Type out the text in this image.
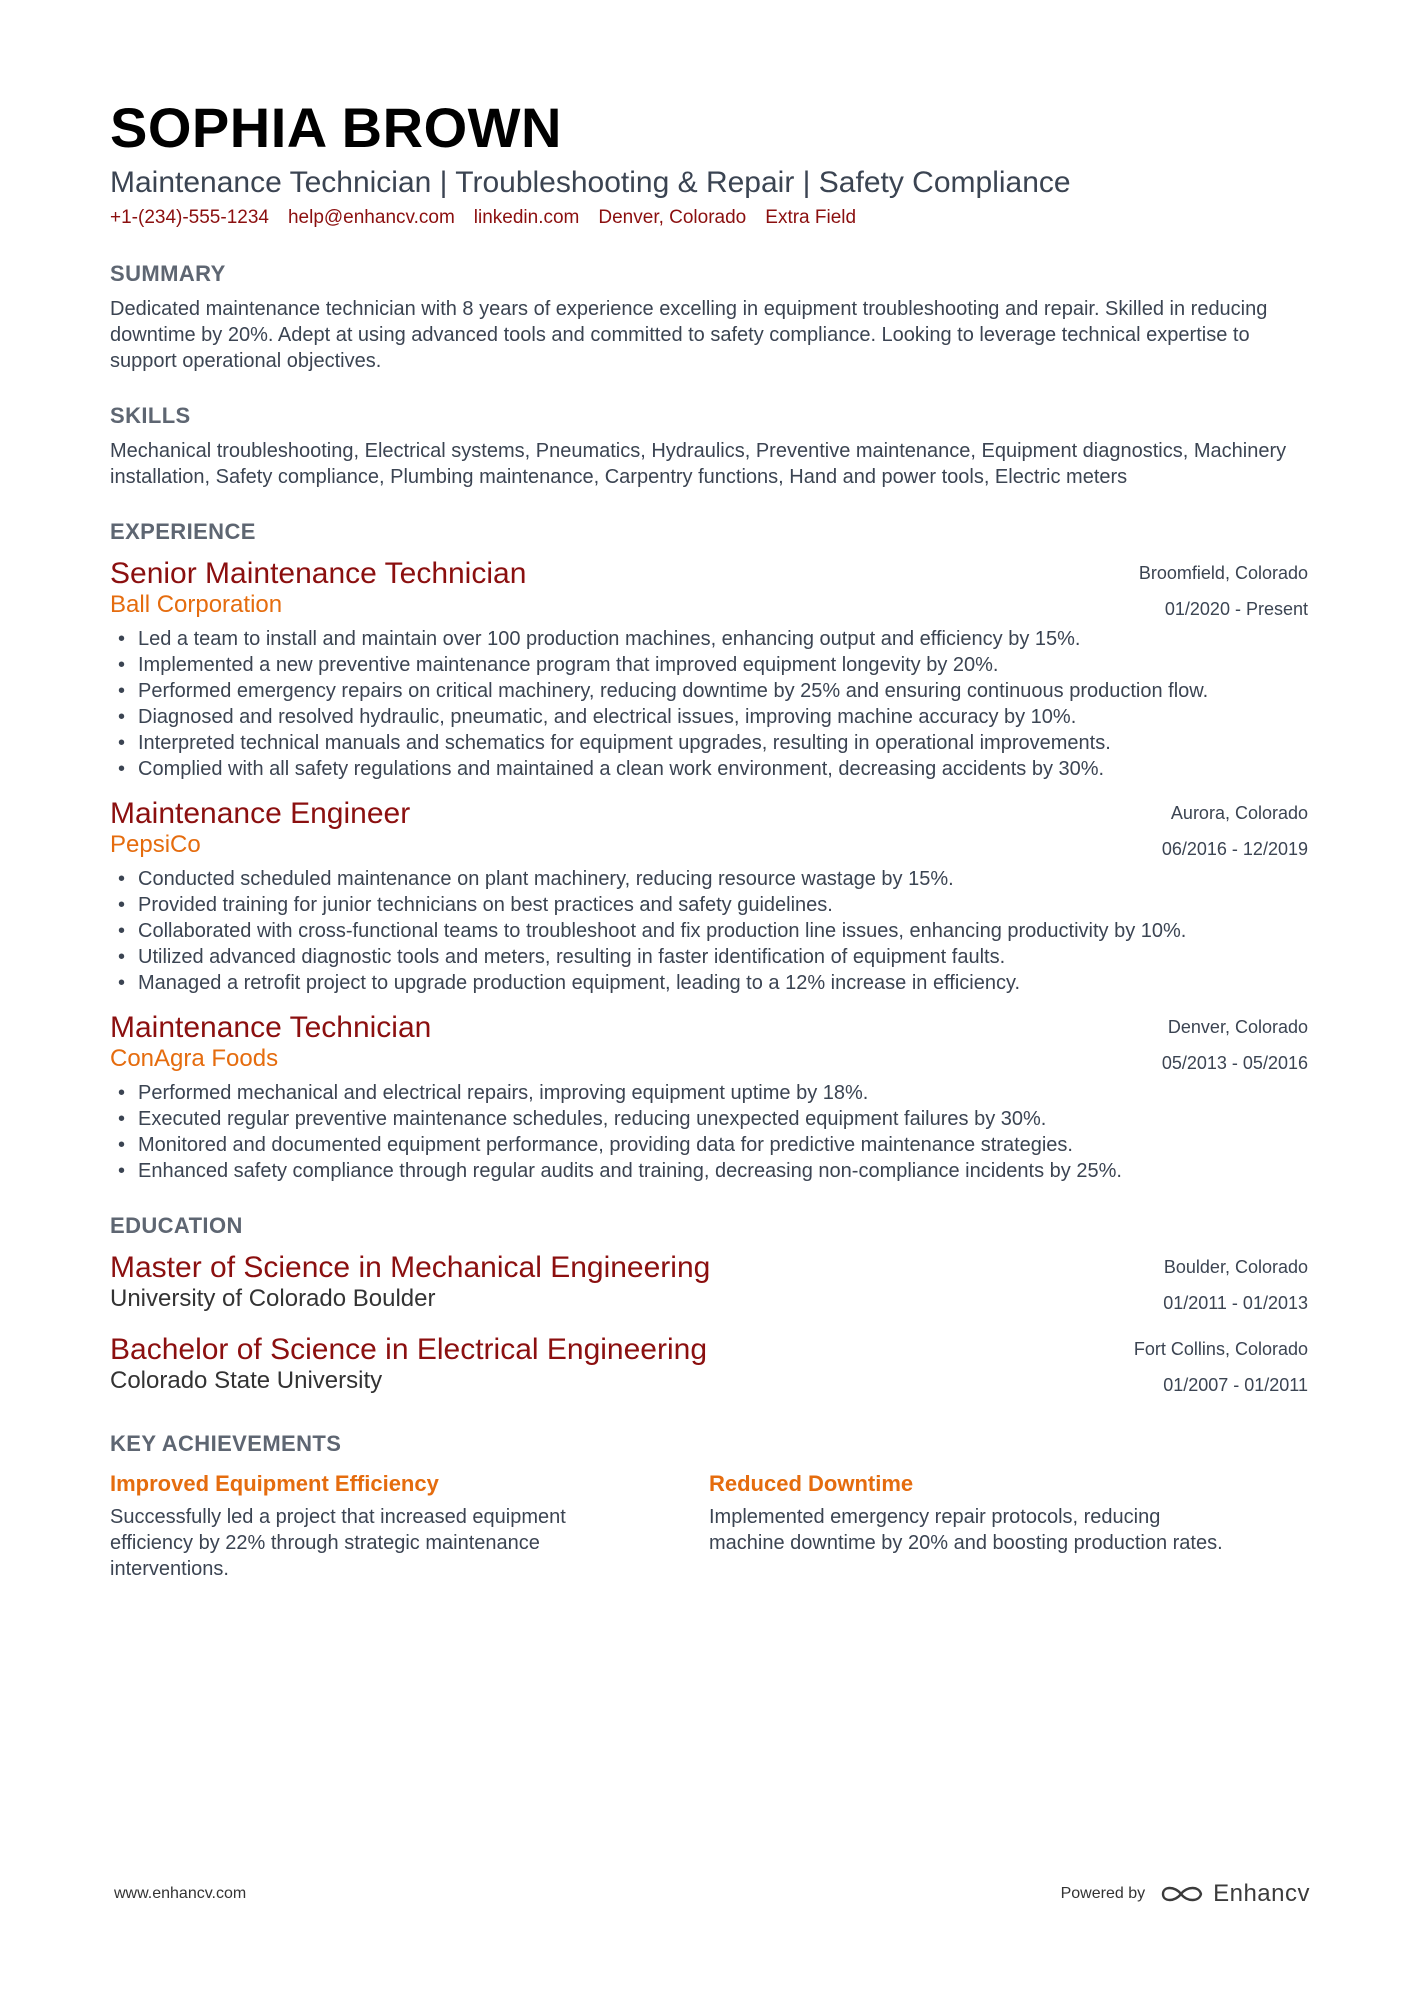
SOPHIA BROWN
Maintenance Technician | Troubleshooting & Repair | Safety Compliance
+1-(234)-555-1234 help@enhancv.com linkedin.com Denver, Colorado Extra Field
SUMMARY
Dedicated maintenance technician with 8 years of experience excelling in equipment troubleshooting and repair. Skilled in reducing downtime by 20%. Adept at using advanced tools and committed to safety compliance. Looking to leverage technical expertise to support operational objectives.
SKILLS
Mechanical troubleshooting, Electrical systems, Pneumatics, Hydraulics, Preventive maintenance, Equipment diagnostics, Machinery installation, Safety compliance, Plumbing maintenance, Carpentry functions, Hand and power tools, Electric meters
EXPERIENCE
Senior Maintenance Technician
Ball Corporation
Broomfield, Colorado
01/2020 - Present
• Led a team to install and maintain over 100 production machines, enhancing output and efficiency by 15%.
• Implemented a new preventive maintenance program that improved equipment longevity by 20%.
• Performed emergency repairs on critical machinery, reducing downtime by 25% and ensuring continuous production flow.
• Diagnosed and resolved hydraulic, pneumatic, and electrical issues, improving machine accuracy by 10%.
• Interpreted technical manuals and schematics for equipment upgrades, resulting in operational improvements.
• Complied with all safety regulations and maintained a clean work environment, decreasing accidents by 30%.
Maintenance Engineer
PepsiCo
Aurora, Colorado
06/2016 - 12/2019
• Conducted scheduled maintenance on plant machinery, reducing resource wastage by 15%.
• Provided training for junior technicians on best practices and safety guidelines.
• Collaborated with cross-functional teams to troubleshoot and fix production line issues, enhancing productivity by 10%.
• Utilized advanced diagnostic tools and meters, resulting in faster identification of equipment faults.
• Managed a retrofit project to upgrade production equipment, leading to a 12% increase in efficiency.
Maintenance Technician
ConAgra Foods
Denver, Colorado
05/2013 - 05/2016
• Performed mechanical and electrical repairs, improving equipment uptime by 18%.
• Executed regular preventive maintenance schedules, reducing unexpected equipment failures by 30%.
• Monitored and documented equipment performance, providing data for predictive maintenance strategies.
• Enhanced safety compliance through regular audits and training, decreasing non-compliance incidents by 25%.
EDUCATION
Master of Science in Mechanical Engineering
University of Colorado Boulder
Boulder, Colorado
01/2011 - 01/2013
Bachelor of Science in Electrical Engineering
Colorado State University
Fort Collins, Colorado
01/2007 - 01/2011
KEY ACHIEVEMENTS
Improved Equipment Efficiency
Successfully led a project that increased equipment efficiency by 22% through strategic maintenance interventions.
Reduced Downtime
Implemented emergency repair protocols, reducing machine downtime by 20% and boosting production rates.
www.enhancv.com	Powered by	Enhancv
